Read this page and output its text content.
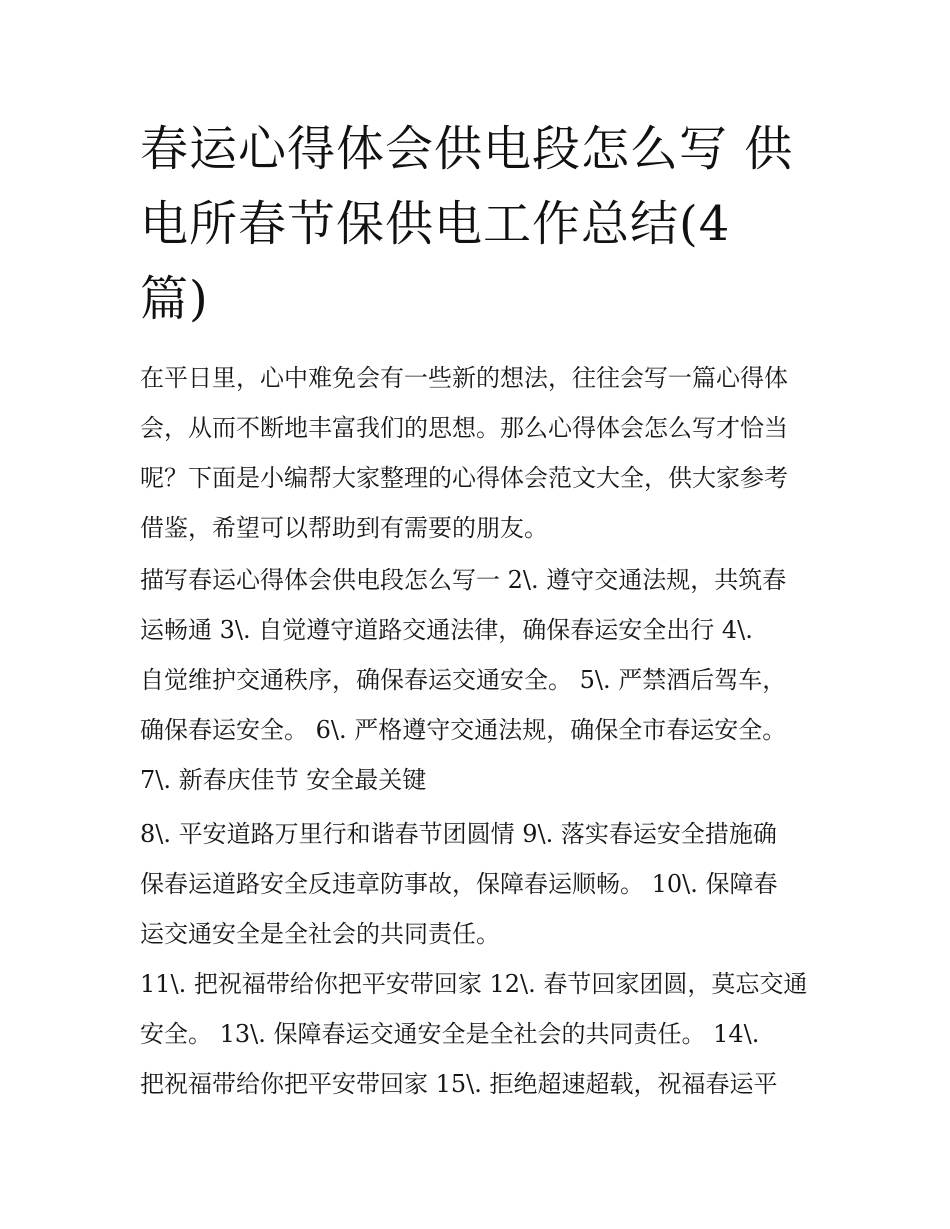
春运心得体会供电段怎么写 供
电所春节保供电工作总结(4
篇)
在平日里，心中难免会有一些新的想法，往往会写一篇心得体
会，从而不断地丰富我们的思想。那么心得体会怎么写才恰当
呢？下面是小编帮大家整理的心得体会范文大全，供大家参考
借鉴，希望可以帮助到有需要的朋友。
描写春运心得体会供电段怎么写一 2\. 遵守交通法规，共筑春
运畅通 3\. 自觉遵守道路交通法律，确保春运安全出行 4\.
自觉维护交通秩序，确保春运交通安全。 5\. 严禁酒后驾车，
确保春运安全。 6\. 严格遵守交通法规，确保全市春运安全。
7\. 新春庆佳节 安全最关键
8\. 平安道路万里行和谐春节团圆情 9\. 落实春运安全措施确
保春运道路安全反违章防事故，保障春运顺畅。 10\. 保障春
运交通安全是全社会的共同责任。
11\. 把祝福带给你把平安带回家 12\. 春节回家团圆，莫忘交通
安全。 13\. 保障春运交通安全是全社会的共同责任。 14\.
把祝福带给你把平安带回家 15\. 拒绝超速超载，祝福春运平
